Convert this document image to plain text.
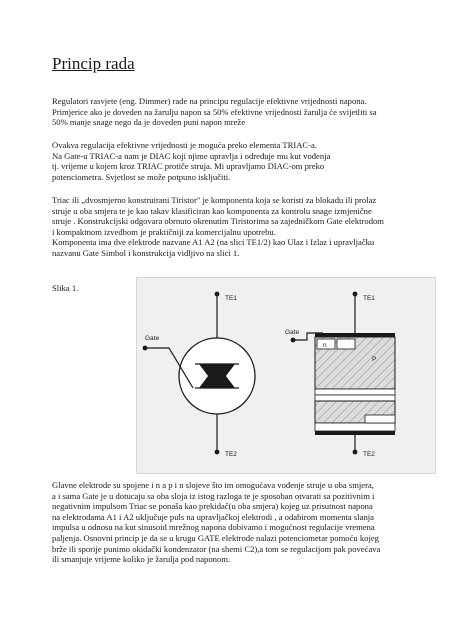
Princip rada
Regulatori rasvjete (eng. Dimmer) rade na principu regulacije efektivne vrijednosti napona.
Primjerice ako je doveden na žarulju napon sa 50% efektivne vrijednosti žarulja će svijetliti sa
50% manje snage nego da je doveden puni napon mreže
Ovakva regulacija efektivne vrijednosti je moguća preko elementa TRIAC-a.
Na Gate-u TRIAC-a nam je DIAC koji njime upravlja i određuje mu kut vođenja
tj. vrijeme u kojem kroz TRIAC protiče struja. Mi upravljamo DIAC-om preko
potenciometra. Svjetlost se može potpuno isključiti.
Triac ili „dvosmjerno konstruirani Tiristor" je komponenta koja se koristi za blokadu ili prolaz
struje u oba smjera te je kao takav klasificiran kao komponenta za kontrolu snage izmjenične
struje . Konstrukcijski odgovara obrnuto okrenutim Tiristorima sa zajedničkom Gate elektrodom
i kompaktnom izvedbom je praktičniji za komercijalnu upotrebu.
Komponenta ima dve elektrode nazvane A1 A2 (na slici TE1/2) kao Ulaz i Izlaz i upravljačku
nazvanu Gate Simbol i konstrukcija vidljivo na slici 1.
Slika 1.
TE1
TE2
Gate
TE1
n
P
TE2
Gate
Glavne elektrode su spojene i n a p i n slojeve što im omogućava vođenje struje u oba smjera,
a i sama Gate je u dotucaju sa oba sloja iz istog razloga te je sposoban otvarati sa pozitivnim i
negativnim impulsom Triac se ponaša kao prekidač(u oba smjera) kojeg uz prisutnost napona
na elektrodama A1 i A2 uključuje puls na upravljačkoj elektrodi , a odabirom momenta slanja
impulsa u odnosu na kut sinusoid mrežnog napona dobivamo i mogućnost regulacije vremena
paljenja. Osnovni princip je da se u krugu GATE elektrode nalazi potenciometar pomoću kojeg
brže ili sporije punimo okidački kondenzator (na shemi C2),a tom se regulacijom pak povećava
ili smanjuje vrijeme koliko je žarulja pod naponom.
